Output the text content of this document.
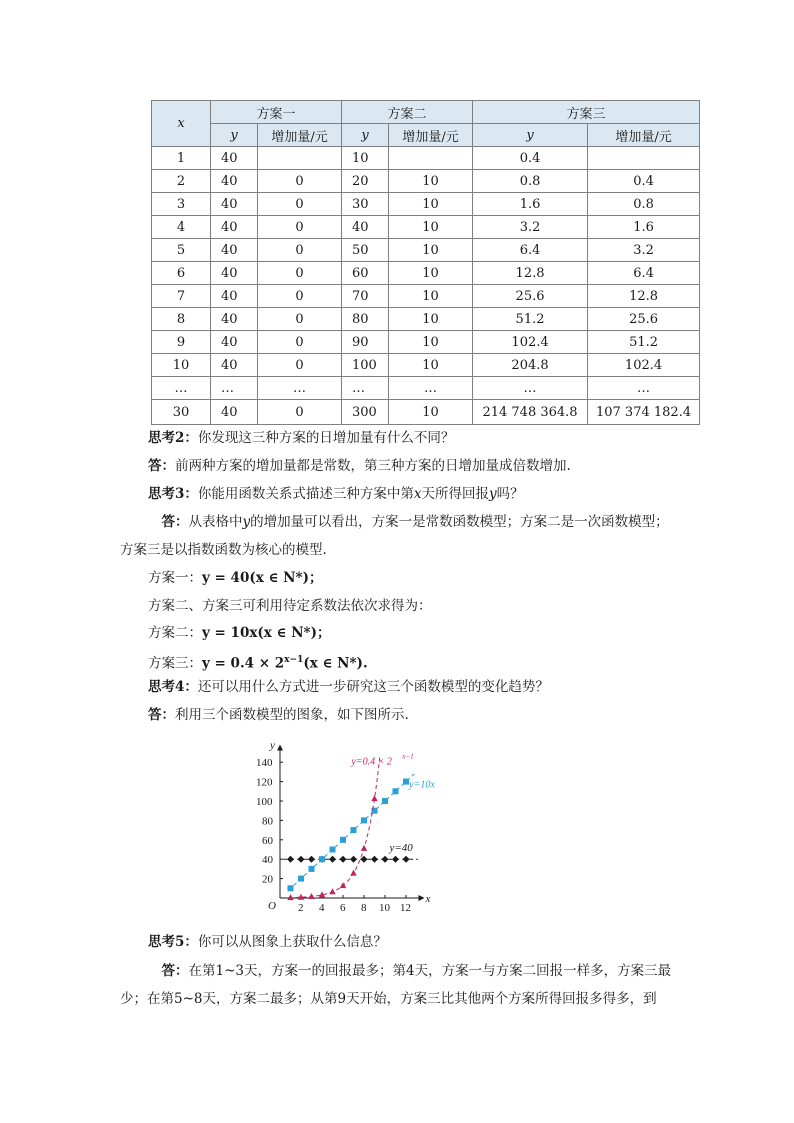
x	方案一		方案二		方案三	
	y	增加量/元	y	增加量/元	y	增加量/元
1	40		10		0.4	
2	40	0	20	10	0.8	0.4
3	40	0	30	10	1.6	0.8
4	40	0	40	10	3.2	1.6
5	40	0	50	10	6.4	3.2
6	40	0	60	10	12.8	6.4
7	40	0	70	10	25.6	12.8
8	40	0	80	10	51.2	25.6
9	40	0	90	10	102.4	51.2
10	40	0	100	10	204.8	102.4
…	…	…	…	…	…	…
30	40	0	300	10	214 748 364.8	107 374 182.4
思考2：你发现这三种方案的日增加量有什么不同？
答：前两种方案的增加量都是常数，第三种方案的日增加量成倍数增加.
思考3：你能用函数关系式描述三种方案中第x天所得回报y吗？
　答：从表格中y的增加量可以看出，方案一是常数函数模型；方案二是一次函数模型；
方案三是以指数函数为核心的模型.
方案一：y = 40(x ∈ N*)；
方案二、方案三可利用待定系数法依次求得为：
方案二：y = 10x(x ∈ N*)；
方案三：$y = 0.4 \times 2^{x-1}(x$ ∈ N*).
思考4：还可以用什么方式进一步研究这三个函数模型的变化趋势？
答：利用三个函数模型的图象，如下图所示.
x
y
O 2 4 6 8 10 12
20
40
60
80
100
120
140
y=40
y=10x
y=0.4 × 2 x−1
思考5：你可以从图象上获取什么信息？
　答：在第1~3天，方案一的回报最多；第4天，方案一与方案二回报一样多，方案三最
少；在第5~8天，方案二最多；从第9天开始，方案三比其他两个方案所得回报多得多，到
